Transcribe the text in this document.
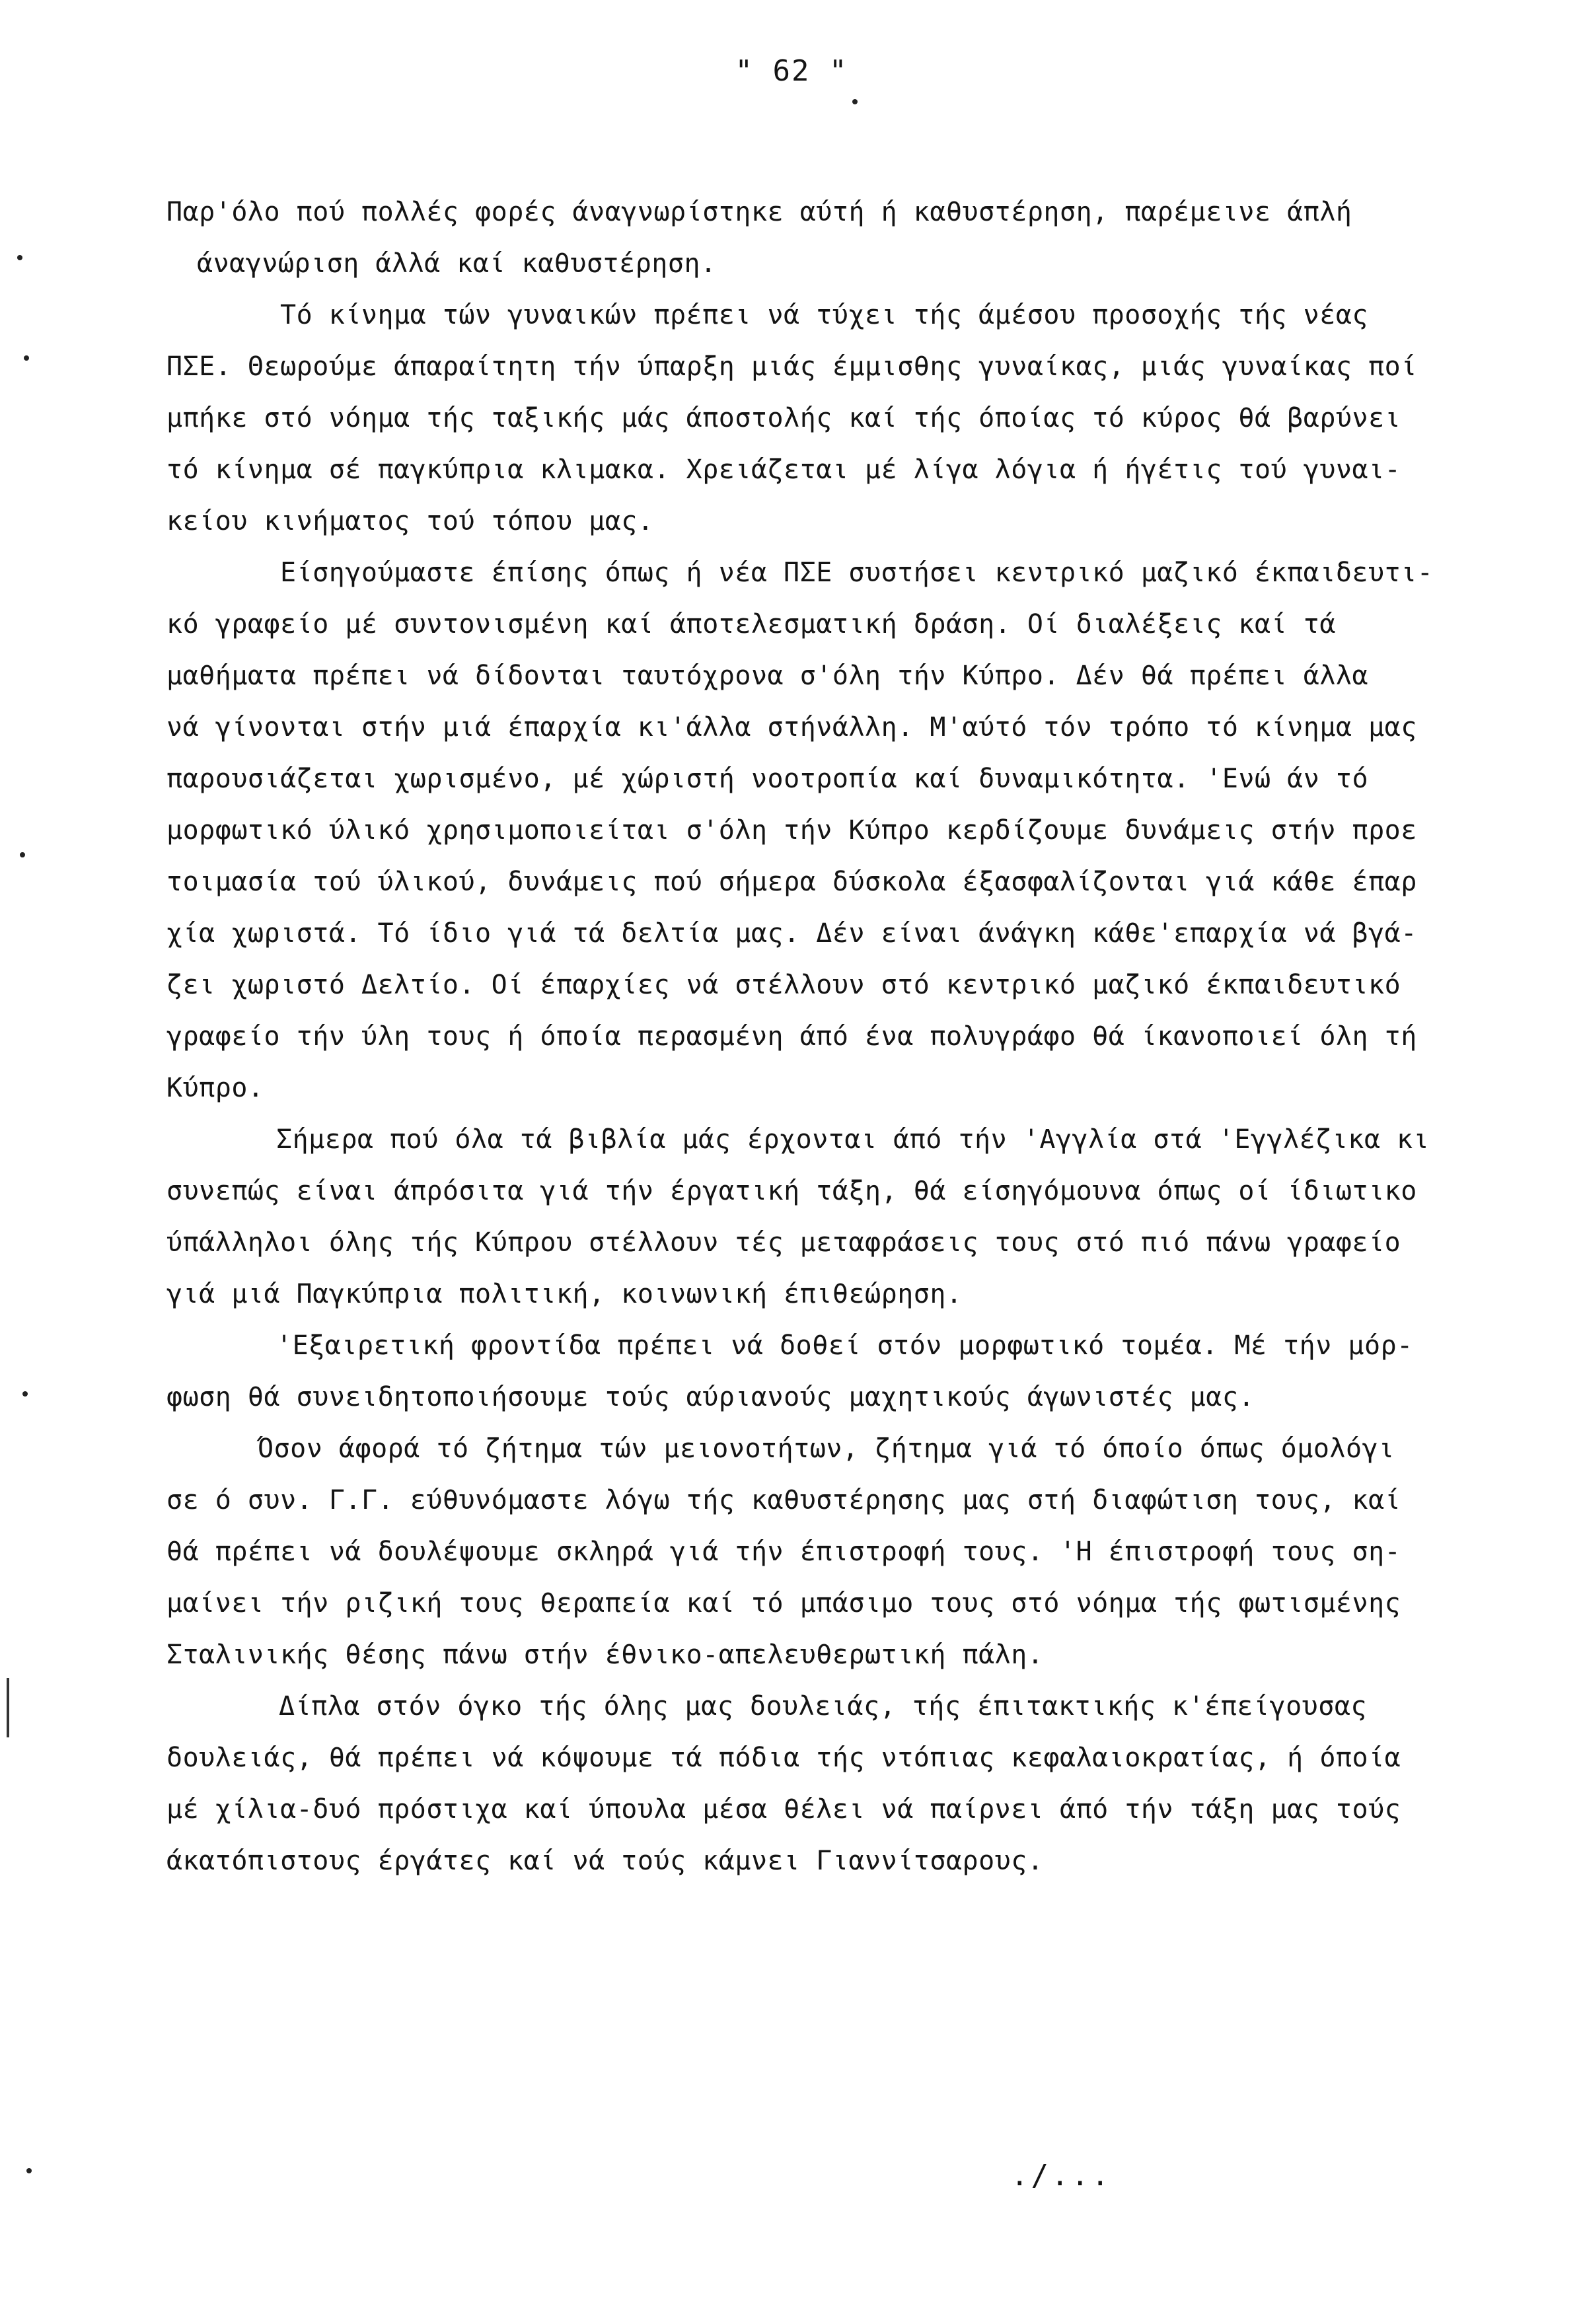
" 62 "
Παρ'όλο πού πολλές φορές άναγνωρίστηκε αύτή ή καθυστέρηση, παρέμεινε άπλή
άναγνώριση άλλά καί καθυστέρηση.
Τό κίνημα τών γυναικών πρέπει νά τύχει τής άμέσου προσοχής τής νέας
ΠΣΕ. Θεωρούμε άπαραίτητη τήν ύπαρξη μιάς έμμισθης γυναίκας, μιάς γυναίκας ποί
μπήκε στό νόημα τής ταξικής μάς άποστολής καί τής όποίας τό κύρος θά βαρύνει
τό κίνημα σέ παγκύπρια κλιμακα. Χρειάζεται μέ λίγα λόγια ή ήγέτις τού γυναι-
κείου κινήματος τού τόπου μας.
Είσηγούμαστε έπίσης όπως ή νέα ΠΣΕ συστήσει κεντρικό μαζικό έκπαιδευτι-
κό γραφείο μέ συντονισμένη καί άποτελεσματική δράση. Οί διαλέξεις καί τά
μαθήματα πρέπει νά δίδονται ταυτόχρονα σ'όλη τήν Κύπρο. Δέν θά πρέπει άλλα
νά γίνονται στήν μιά έπαρχία κι'άλλα στήνάλλη. Μ'αύτό τόν τρόπο τό κίνημα μας
παρουσιάζεται χωρισμένο, μέ χώριστή νοοτροπία καί δυναμικότητα. 'Ενώ άν τό
μορφωτικό ύλικό χρησιμοποιείται σ'όλη τήν Κύπρο κερδίζουμε δυνάμεις στήν προε
τοιμασία τού ύλικού, δυνάμεις πού σήμερα δύσκολα έξασφαλίζονται γιά κάθε έπαρ
χία χωριστά. Τό ίδιο γιά τά δελτία μας. Δέν είναι άνάγκη κάθε'επαρχία νά βγά-
ζει χωριστό Δελτίο. Οί έπαρχίες νά στέλλουν στό κεντρικό μαζικό έκπαιδευτικό
γραφείο τήν ύλη τους ή όποία περασμένη άπό ένα πολυγράφο θά ίκανοποιεί όλη τή
Κύπρο.
Σήμερα πού όλα τά βιβλία μάς έρχονται άπό τήν 'Αγγλία στά 'Εγγλέζικα κι
συνεπώς είναι άπρόσιτα γιά τήν έργατική τάξη, θά είσηγόμουνα όπως οί ίδιωτικο
ύπάλληλοι όλης τής Κύπρου στέλλουν τές μεταφράσεις τους στό πιό πάνω γραφείο
γιά μιά Παγκύπρια πολιτική, κοινωνική έπιθεώρηση.
'Εξαιρετική φροντίδα πρέπει νά δοθεί στόν μορφωτικό τομέα. Μέ τήν μόρ-
φωση θά συνειδητοποιήσουμε τούς αύριανούς μαχητικούς άγωνιστές μας.
Όσον άφορά τό ζήτημα τών μειονοτήτων, ζήτημα γιά τό όποίο όπως όμολόγι
σε ό συν. Γ.Γ. εύθυνόμαστε λόγω τής καθυστέρησης μας στή διαφώτιση τους, καί
θά πρέπει νά δουλέψουμε σκληρά γιά τήν έπιστροφή τους. 'Η έπιστροφή τους ση-
μαίνει τήν ριζική τους θεραπεία καί τό μπάσιμο τους στό νόημα τής φωτισμένης
Σταλινικής θέσης πάνω στήν έθνικο-απελευθερωτική πάλη.
Δίπλα στόν όγκο τής όλης μας δουλειάς, τής έπιτακτικής κ'έπείγουσας
δουλειάς, θά πρέπει νά κόψουμε τά πόδια τής ντόπιας κεφαλαιοκρατίας, ή όποία
μέ χίλια-δυό πρόστιχα καί ύπουλα μέσα θέλει νά παίρνει άπό τήν τάξη μας τούς
άκατόπιστους έργάτες καί νά τούς κάμνει Γιαννίτσαρους.
./...
